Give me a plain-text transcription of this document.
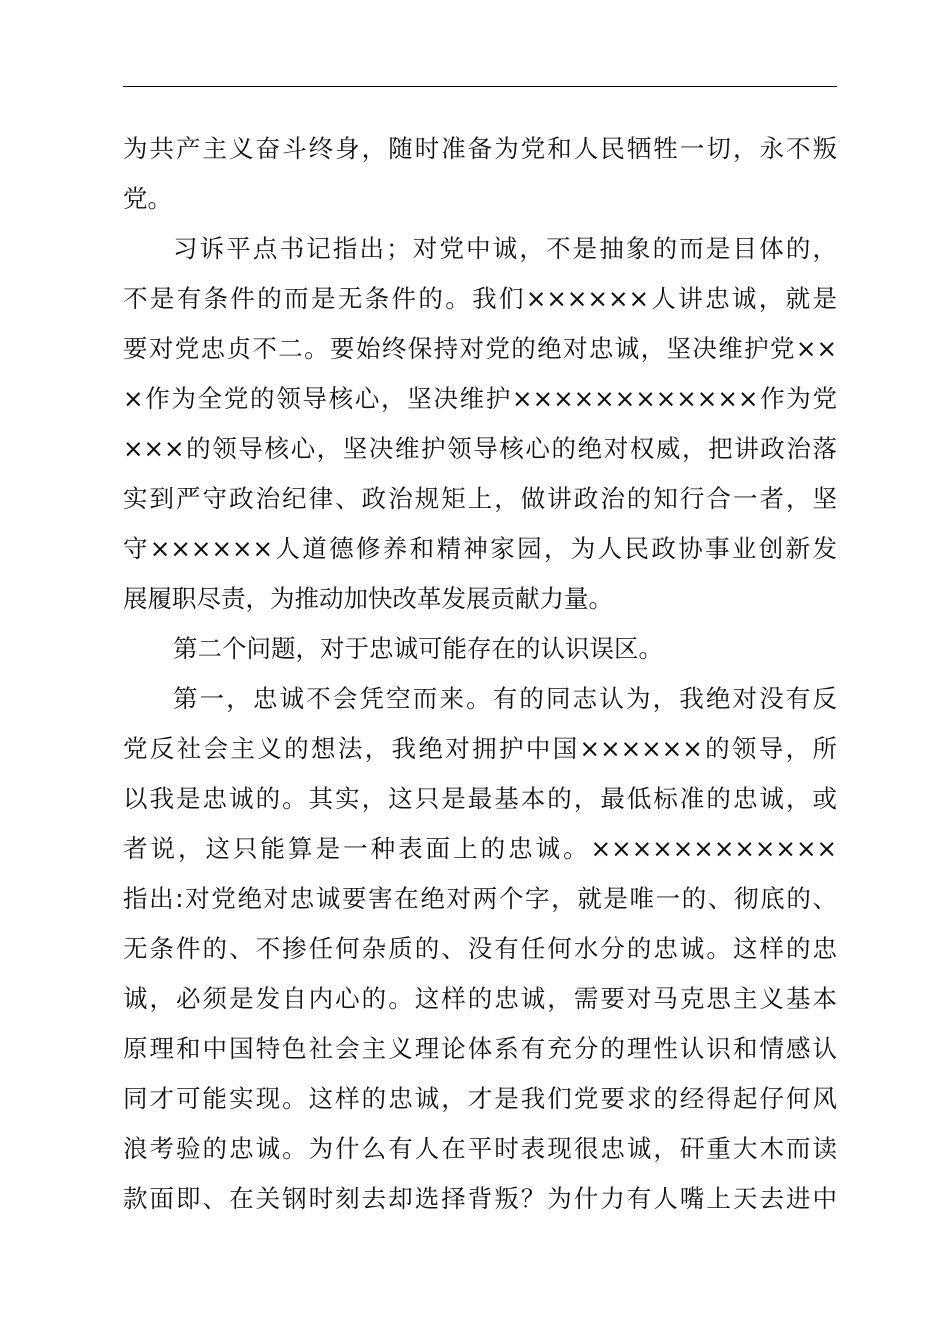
为共产主义奋斗终身，随时准备为党和人民牺牲一切，永不叛
党。
习诉平点书记指出；对党中诚，不是抽象的而是目体的，
不是有条件的而是无条件的。我们××××××人讲忠诚，就是
要对党忠贞不二。要始终保持对党的绝对忠诚，坚决维护党××
×作为全党的领导核心，坚决维护××××××××××××作为党
×××的领导核心，坚决维护领导核心的绝对权威，把讲政治落
实到严守政治纪律、政治规矩上，做讲政治的知行合一者，坚
守××××××人道德修养和精神家园，为人民政协事业创新发
展履职尽责，为推动加快改革发展贡献力量。
第二个问题，对于忠诚可能存在的认识误区。
第一，忠诚不会凭空而来。有的同志认为，我绝对没有反
党反社会主义的想法，我绝对拥护中国××××××的领导，所
以我是忠诚的。其实，这只是最基本的，最低标准的忠诚，或
者说，这只能算是一种表面上的忠诚。××××××××××××
指出:对党绝对忠诚要害在绝对两个字，就是唯一的、彻底的、
无条件的、不掺任何杂质的、没有任何水分的忠诚。这样的忠
诚，必须是发自内心的。这样的忠诚，需要对马克思主义基本
原理和中国特色社会主义理论体系有充分的理性认识和情感认
同才可能实现。这样的忠诚，才是我们党要求的经得起仔何风
浪考验的忠诚。为什么有人在平时表现很忠诚，矸重大木而读
款面即、在关钢时刻去却选择背叛？为什力有人嘴上天去进中
